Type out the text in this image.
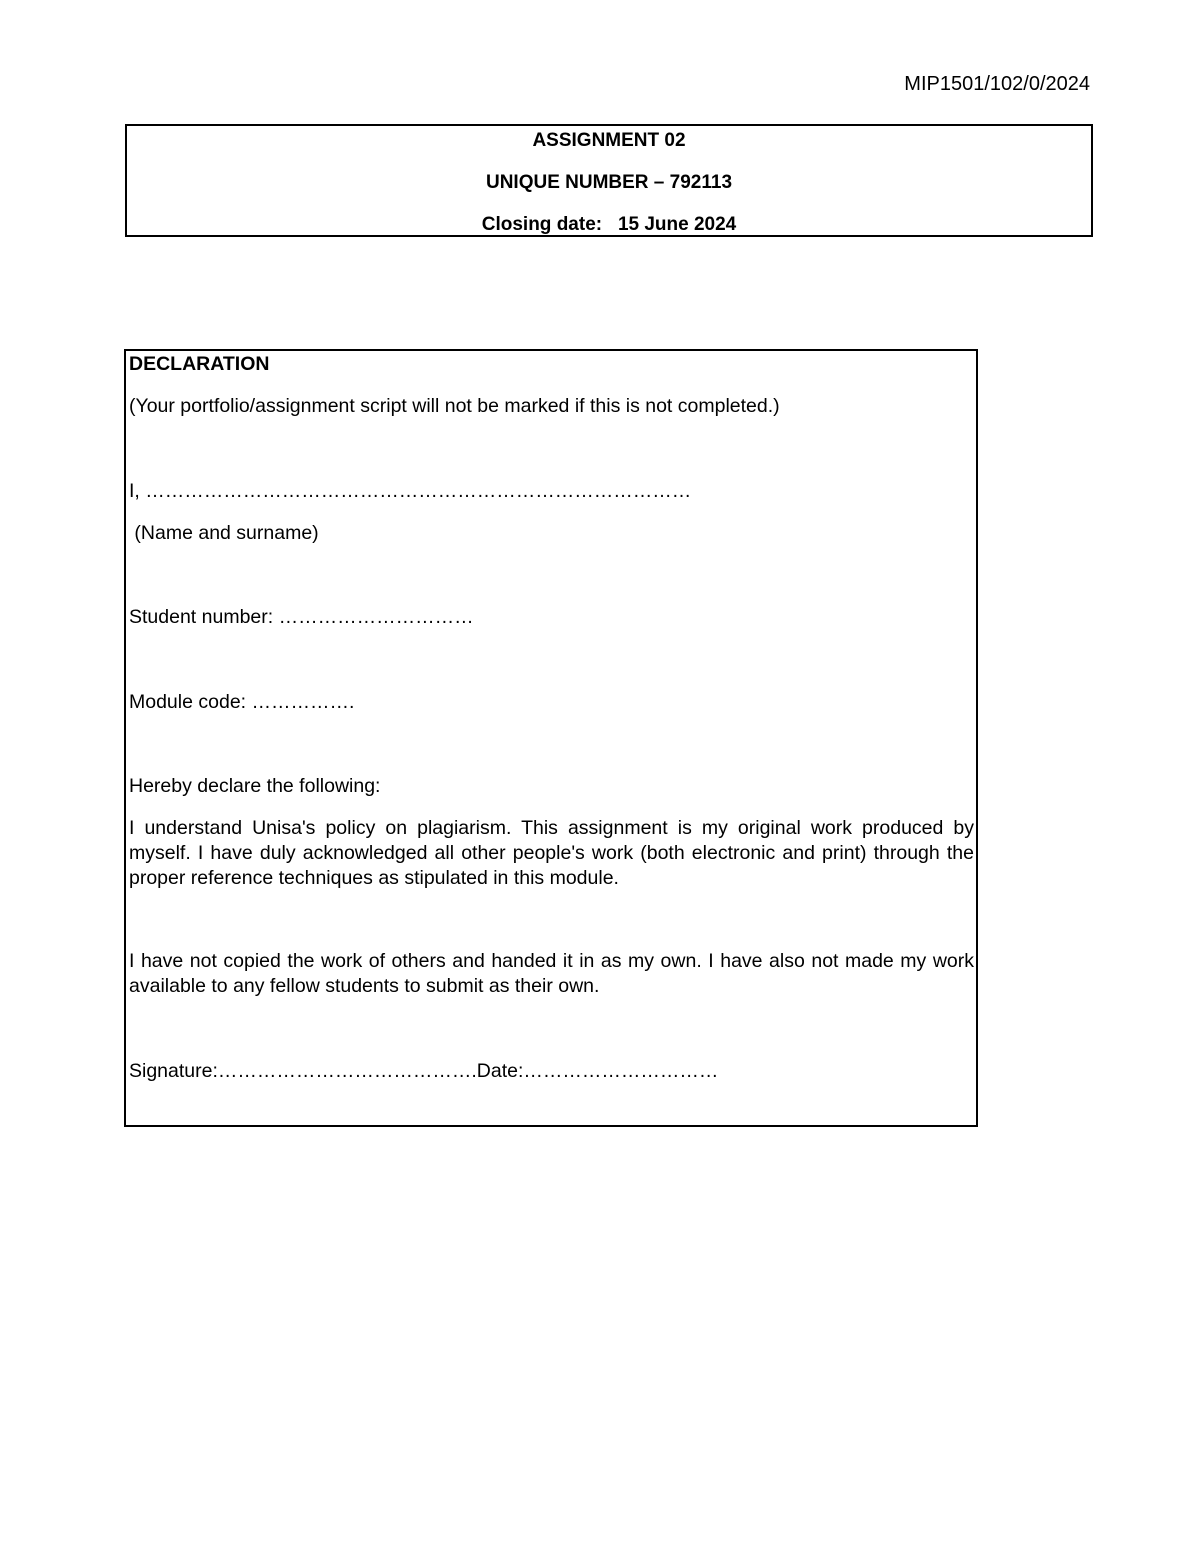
MIP1501/102/0/2024
ASSIGNMENT 02
UNIQUE NUMBER – 792113
Closing date: 15 June 2024
DECLARATION
(Your portfolio/assignment script will not be marked if this is not completed.)
I, …………………………………………………………………………
(Name and surname)
Student number: …………………………
Module code: …………….
Hereby declare the following:
I understand Unisa's policy on plagiarism. This assignment is my original work produced by myself. I have duly acknowledged all other people's work (both electronic and print) through the proper reference techniques as stipulated in this module.
I have not copied the work of others and handed it in as my own. I have also not made my work available to any fellow students to submit as their own.
Signature:………………………………….Date:…………………………
